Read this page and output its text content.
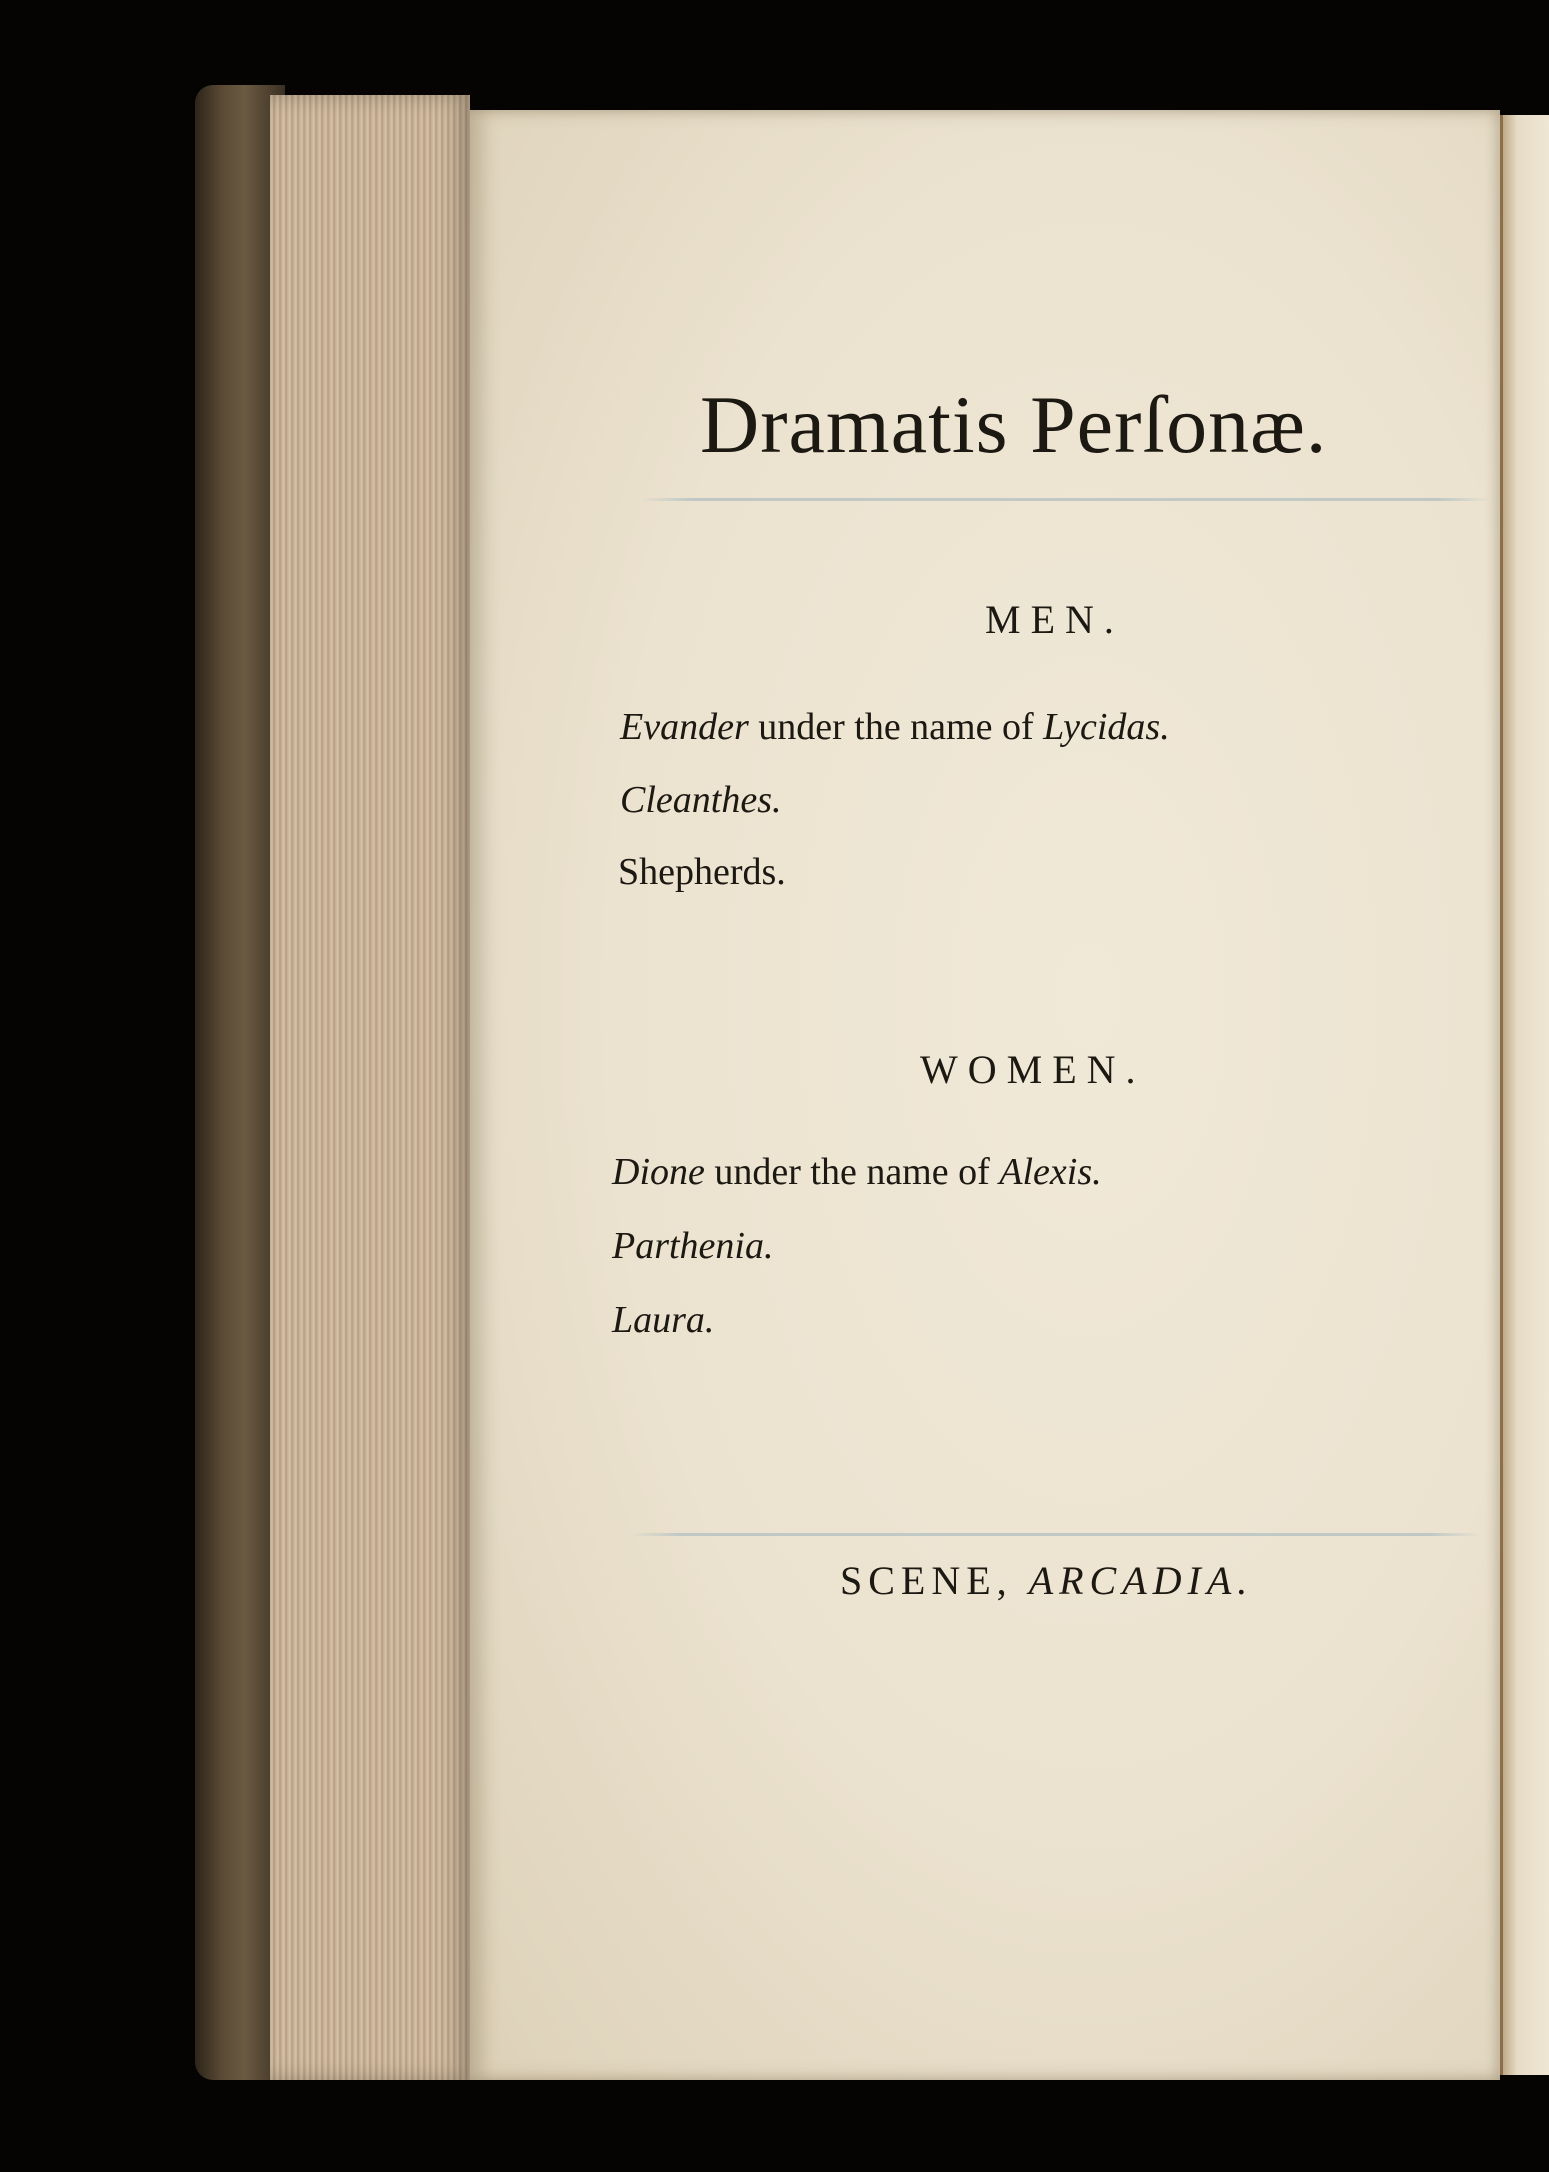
Dramatis Perſonæ.
MEN.
Evander under the name of Lycidas.
Cleanthes.
Shepherds.
WOMEN.
Dione under the name of Alexis.
Parthenia.
Laura.
SCENE, ARCADIA.
